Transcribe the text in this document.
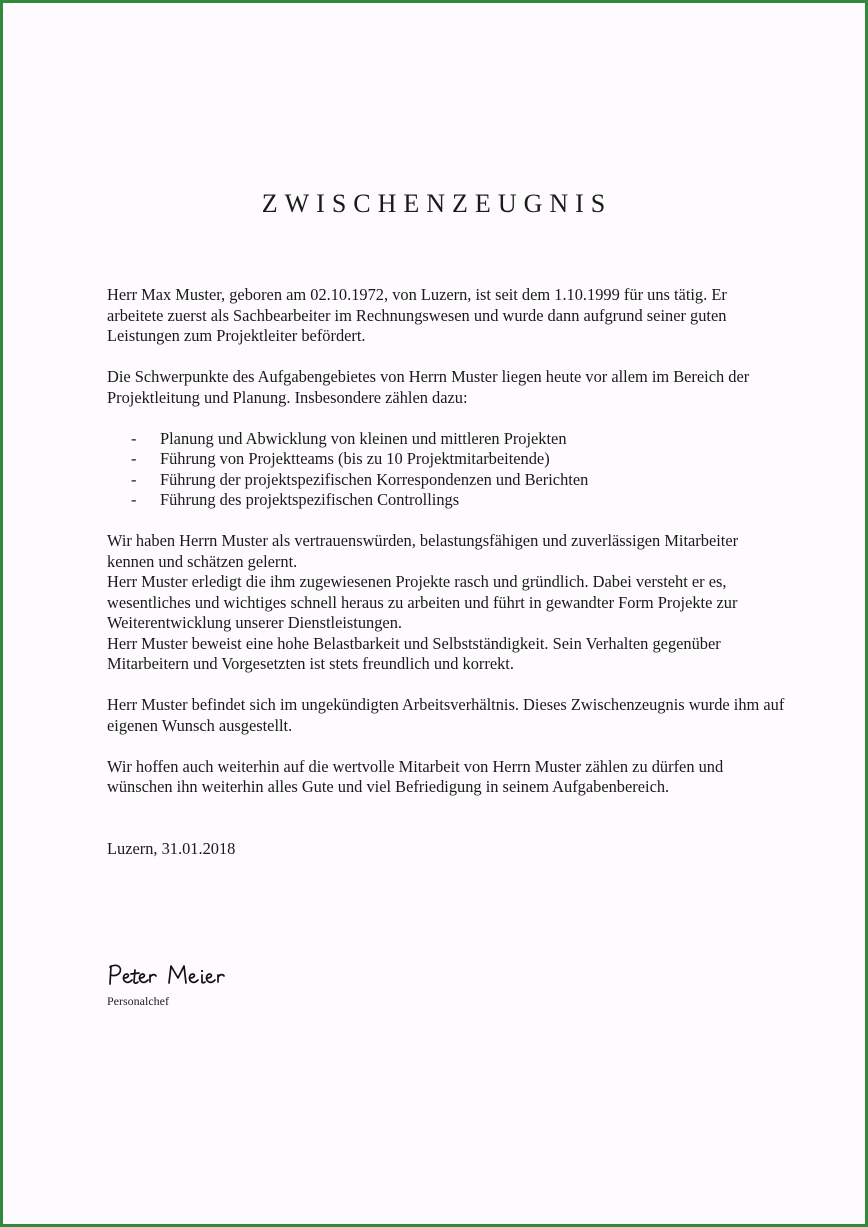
ZWISCHENZEUGNIS

Herr Max Muster, geboren am 02.10.1972, von Luzern, ist seit dem 1.10.1999 für uns tätig. Er arbeitete zuerst als Sachbearbeiter im Rechnungswesen und wurde dann aufgrund seiner guten Leistungen zum Projektleiter befördert.

Die Schwerpunkte des Aufgabengebietes von Herrn Muster liegen heute vor allem im Bereich der Projektleitung und Planung. Insbesondere zählen dazu:

- Planung und Abwicklung von kleinen und mittleren Projekten
- Führung von Projektteams (bis zu 10 Projektmitarbeitende)
- Führung der projektspezifischen Korrespondenzen und Berichten
- Führung des projektspezifischen Controllings

Wir haben Herrn Muster als vertrauenswürden, belastungsfähigen und zuverlässigen Mitarbeiter kennen und schätzen gelernt.

Herr Muster erledigt die ihm zugewiesenen Projekte rasch und gründlich. Dabei versteht er es, wesentliches und wichtiges schnell heraus zu arbeiten und führt in gewandter Form Projekte zur Weiterentwicklung unserer Dienstleistungen.

Herr Muster beweist eine hohe Belastbarkeit und Selbstständigkeit. Sein Verhalten gegenüber Mitarbeitern und Vorgesetzten ist stets freundlich und korrekt.

Herr Muster befindet sich im ungekündigten Arbeitsverhältnis. Dieses Zwischenzeugnis wurde ihm auf eigenen Wunsch ausgestellt.

Wir hoffen auch weiterhin auf die wertvolle Mitarbeit von Herrn Muster zählen zu dürfen und wünschen ihn weiterhin alles Gute und viel Befriedigung in seinem Aufgabenbereich.

Luzern, 31.01.2018

Personalchef
